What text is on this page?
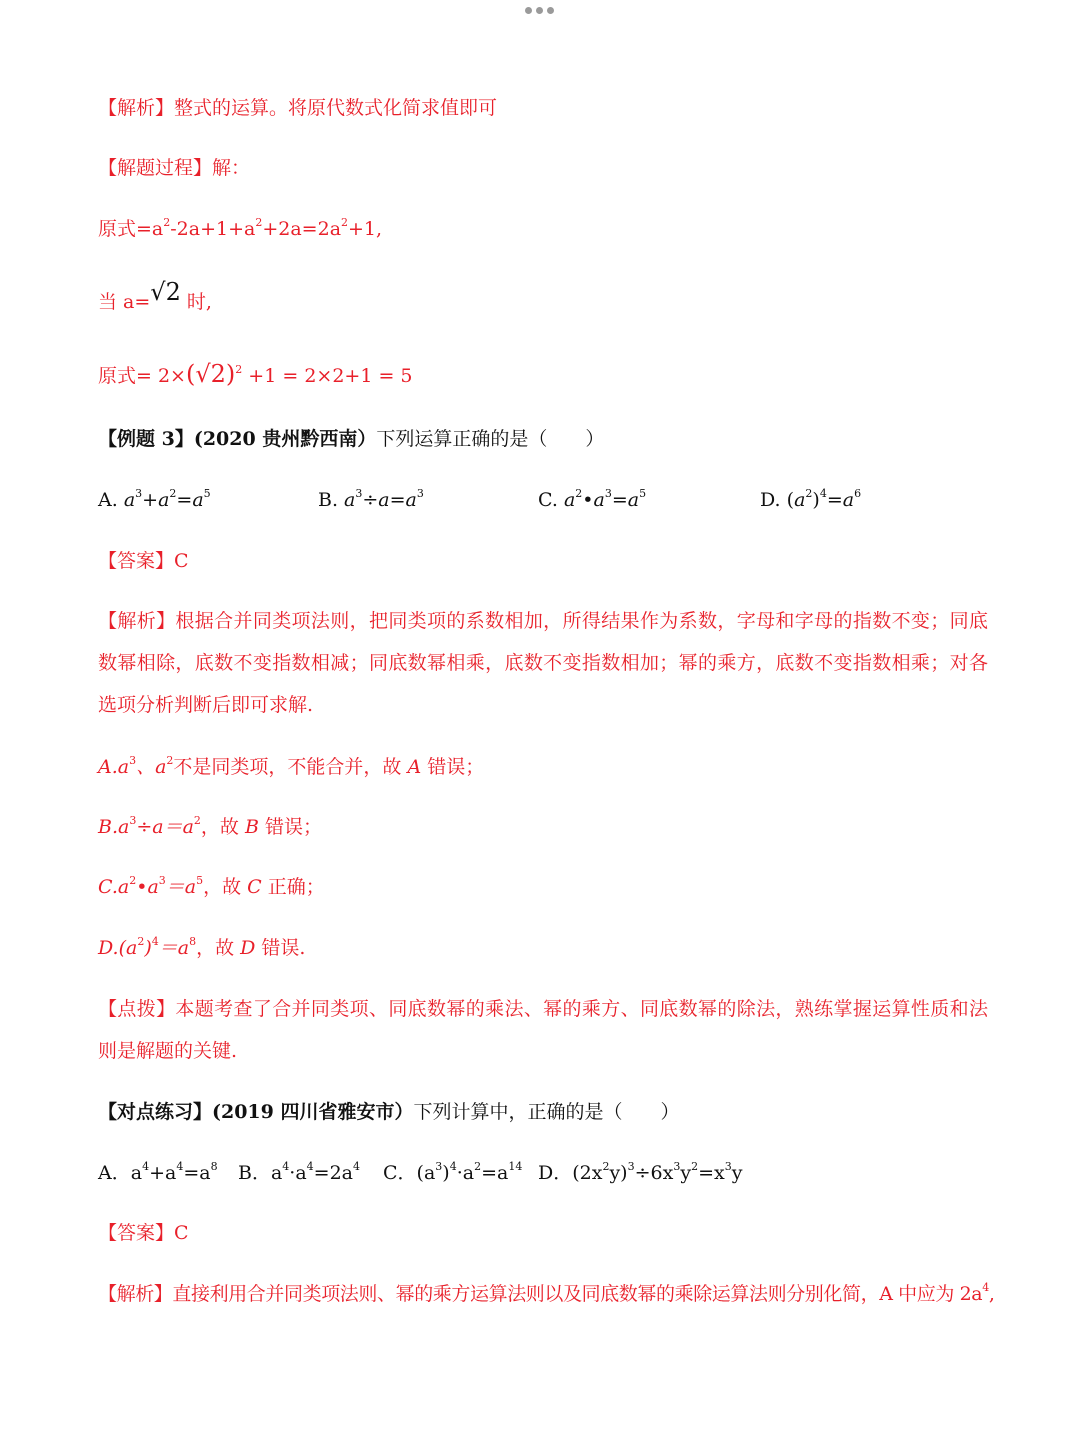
【解析】整式的运算。将原代数式化简求值即可
【解题过程】解：
原式$=a^2-2a+1+a^2+2a=2a^2+1$,
当 a=√2 时,
原式= $2\times(√2)^2 +1 = 2\times 2+1 = 5$
【例题 3】(2020 贵州黔西南）下列运算正确的是（　　）
A. $a^3+a^2=a^5$	B. $a^3\div a=a^3$	C. $a^2•a^3=a^5$	D. $(a^2)^4=a^6$
【答案】C
【解析】根据合并同类项法则，把同类项的系数相加，所得结果作为系数，字母和字母的指数不变；同底数幂相除，底数不变指数相减；同底数幂相乘，底数不变指数相加；幂的乘方，底数不变指数相乘；对各选项分析判断后即可求解.
$A.a^3$、$a^2$不是同类项，不能合并，故 A 错误；
$B.a^3\div a=a^2$，故 B 错误；
$C.a^2•a^3=a^5$，故 C 正确；
$D.(a^2)^4=a^8$，故 D 错误.
【点拨】本题考查了合并同类项、同底数幂的乘法、幂的乘方、同底数幂的除法，熟练掌握运算性质和法则是解题的关键.
【对点练习】(2019 四川省雅安市）下列计算中，正确的是（　　）
A．$a^4+a^4=a^8$ B．$a^4\cdot a^4=2a^4$ C．$(a^3)^4\cdot a^2=a^{14}$ D．$(2x^2y)^3\div 6x^3y^2=x^3y$
【答案】C
【解析】直接利用合并同类项法则、幂的乘方运算法则以及同底数幂的乘除运算法则分别化简，A 中应为 $2a^4$,
